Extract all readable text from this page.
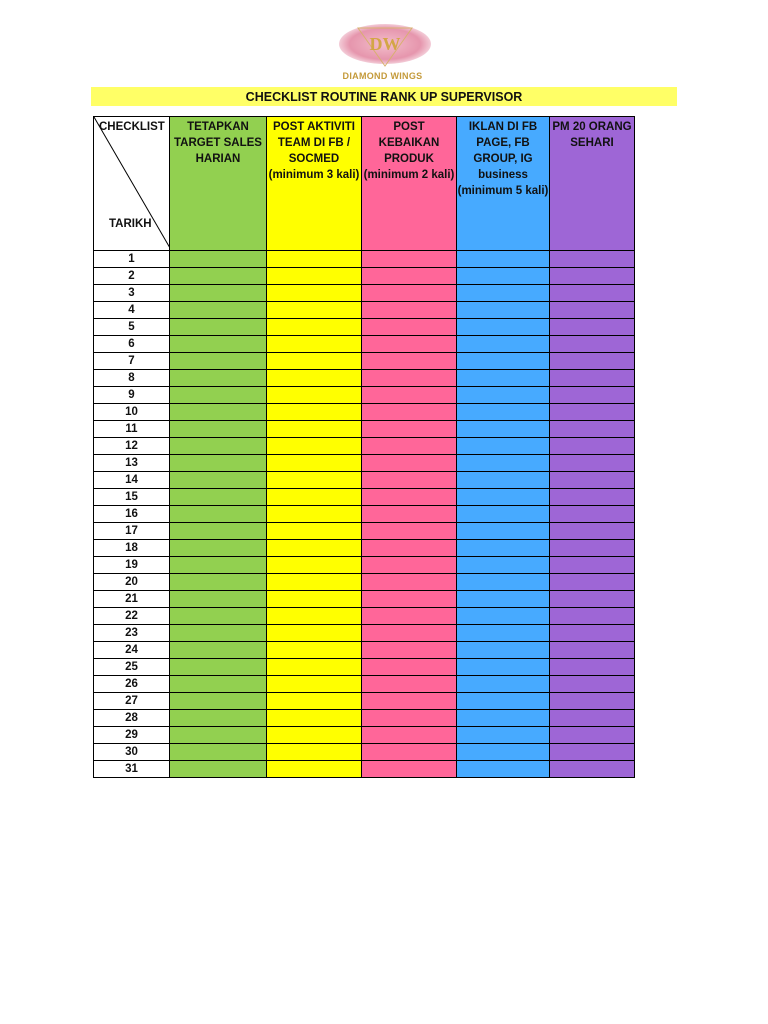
DW
DIAMOND WINGS
CHECKLIST ROUTINE RANK UP SUPERVISOR
CHECKLIST
TARIKH	TETAPKAN TARGET SALES HARIAN	POST AKTIVITI TEAM DI FB / SOCMED (minimum 3 kali)	POST KEBAIKAN PRODUK (minimum 2 kali)	IKLAN DI FB PAGE, FB GROUP, IG business (minimum 5 kali)	PM 20 ORANG SEHARI
1					
2					
3					
4					
5					
6					
7					
8					
9					
10					
11					
12					
13					
14					
15					
16					
17					
18					
19					
20					
21					
22					
23					
24					
25					
26					
27					
28					
29					
30					
31					
